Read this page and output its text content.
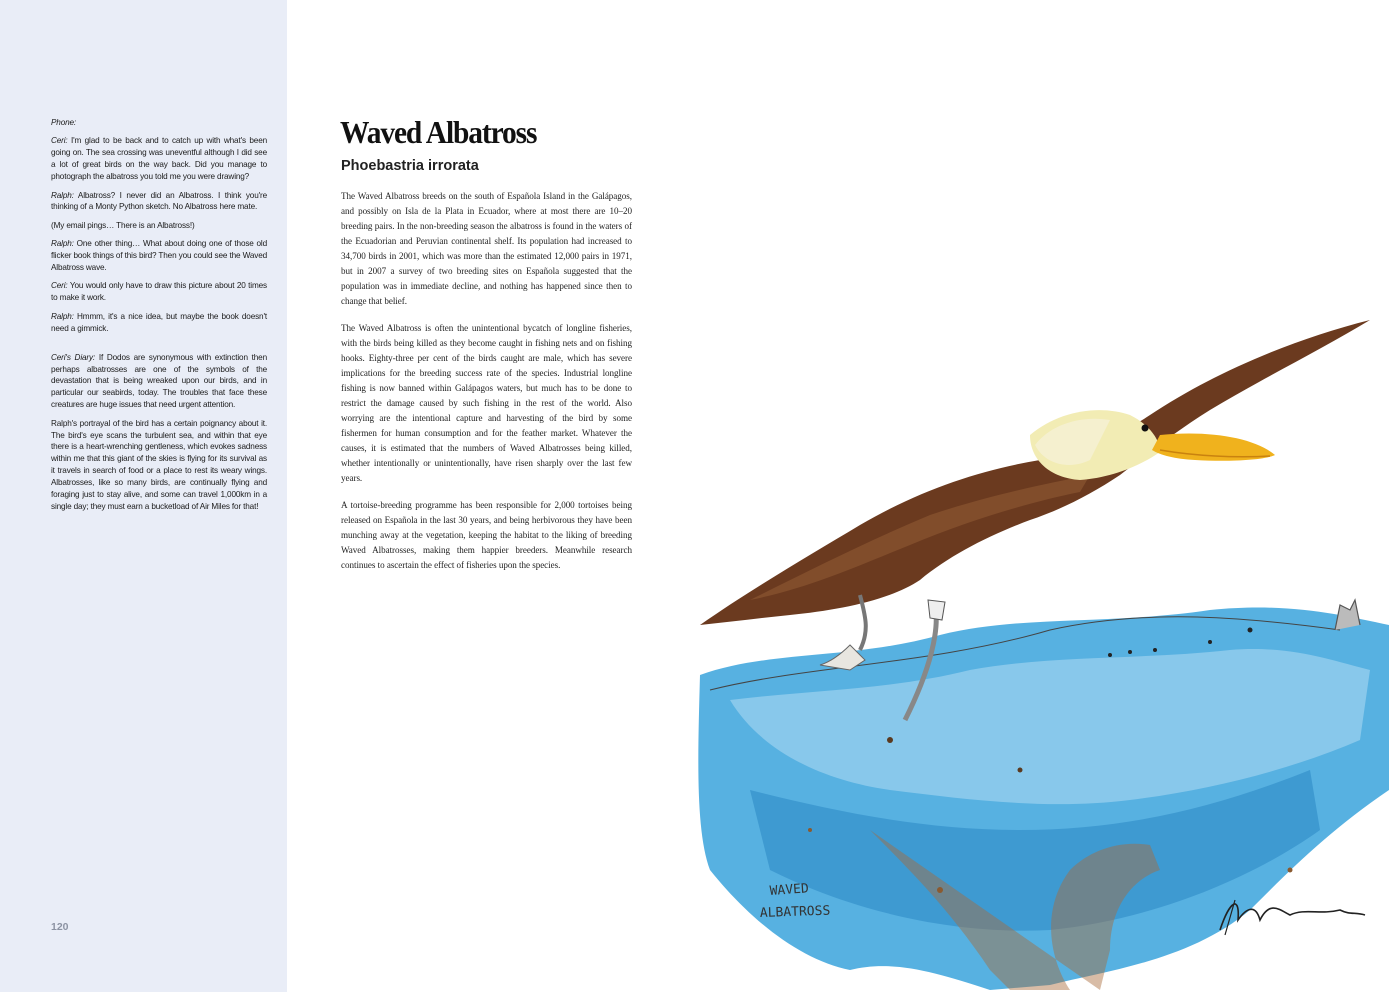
Phone:

Ceri: I'm glad to be back and to catch up with what's been going on. The sea crossing was uneventful although I did see a lot of great birds on the way back. Did you manage to photograph the albatross you told me you were drawing?

Ralph: Albatross? I never did an Albatross. I think you're thinking of a Monty Python sketch. No Albatross here mate.

(My email pings… There is an Albatross!)

Ralph: One other thing… What about doing one of those old flicker book things of this bird? Then you could see the Waved Albatross wave.

Ceri: You would only have to draw this picture about 20 times to make it work.

Ralph: Hmmm, it's a nice idea, but maybe the book doesn't need a gimmick.

Ceri's Diary: If Dodos are synonymous with extinction then perhaps albatrosses are one of the symbols of the devastation that is being wreaked upon our birds, and in particular our seabirds, today. The troubles that face these creatures are huge issues that need urgent attention.

Ralph's portrayal of the bird has a certain poignancy about it. The bird's eye scans the turbulent sea, and within that eye there is a heart-wrenching gentleness, which evokes sadness within me that this giant of the skies is flying for its survival as it travels in search of food or a place to rest its weary wings. Albatrosses, like so many birds, are continually flying and foraging just to stay alive, and some can travel 1,000km in a single day; they must earn a bucketload of Air Miles for that!

120
Waved Albatross
Phoebastria irrorata

The Waved Albatross breeds on the south of Española Island in the Galápagos, and possibly on Isla de la Plata in Ecuador, where at most there are 10–20 breeding pairs. In the non-breeding season the albatross is found in the waters of the Ecuadorian and Peruvian continental shelf. Its population had increased to 34,700 birds in 2001, which was more than the estimated 12,000 pairs in 1971, but in 2007 a survey of two breeding sites on Española suggested that the population was in immediate decline, and nothing has happened since then to change that belief.

The Waved Albatross is often the unintentional bycatch of longline fisheries, with the birds being killed as they become caught in fishing nets and on fishing hooks. Eighty-three per cent of the birds caught are male, which has severe implications for the breeding success rate of the species. Industrial longline fishing is now banned within Galápagos waters, but much has to be done to restrict the damage caused by such fishing in the rest of the world. Also worrying are the intentional capture and harvesting of the bird by some fishermen for human consumption and for the feather market. Whatever the causes, it is estimated that the numbers of Waved Albatrosses being killed, whether intentionally or unintentionally, have risen sharply over the last few years.

A tortoise-breeding programme has been responsible for 2,000 tortoises being released on Española in the last 30 years, and being herbivorous they have been munching away at the vegetation, keeping the habitat to the liking of breeding Waved Albatrosses, making them happier breeders. Meanwhile research continues to ascertain the effect of fisheries upon the species.

WAVED
ALBATROSS
